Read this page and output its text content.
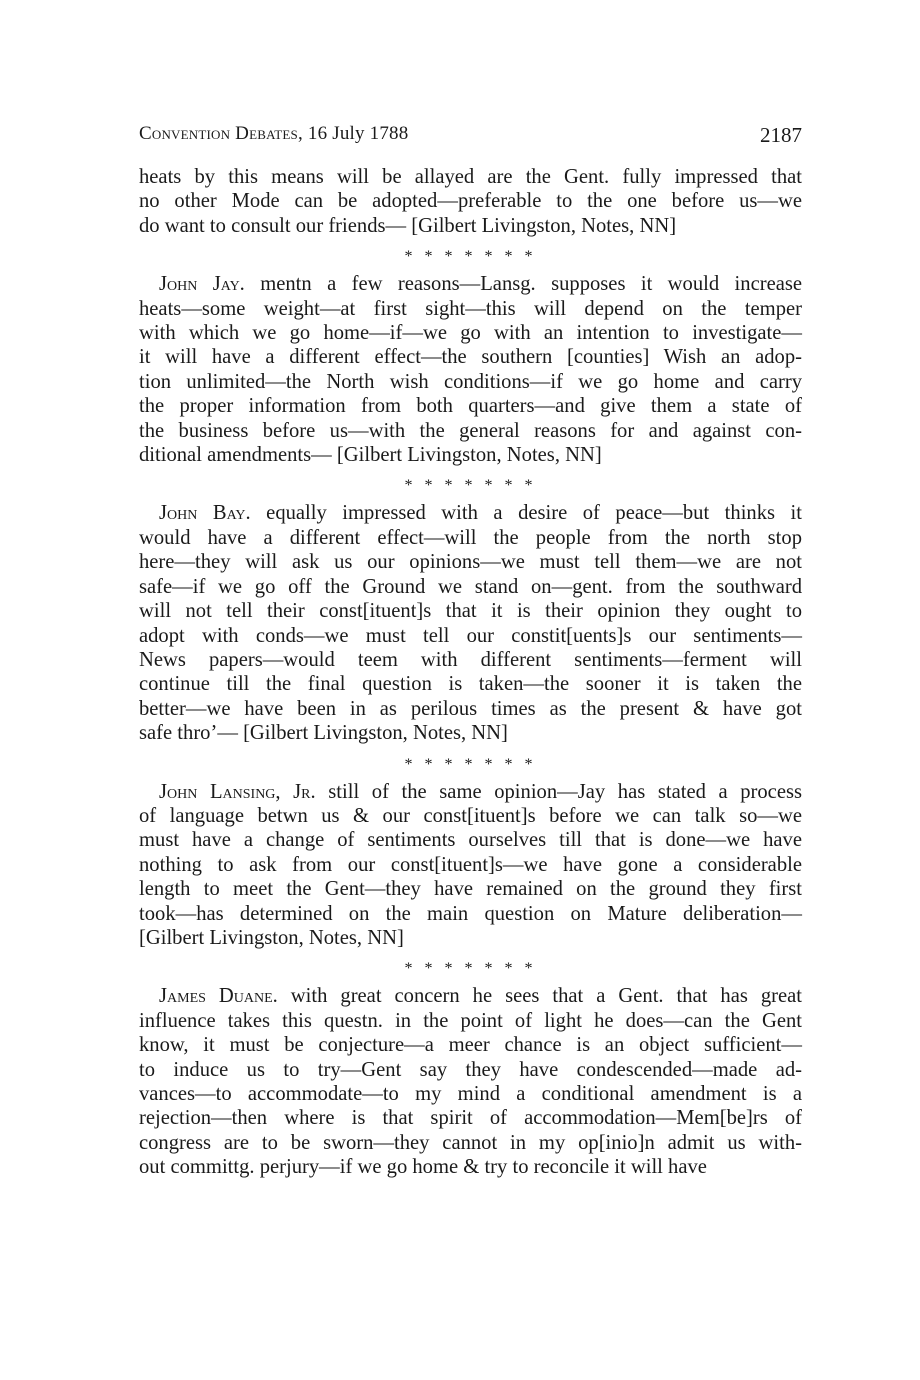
Convention Debates, 16 July 1788	2187

heats by this means will be allayed are the Gent. fully impressed that
no other Mode can be adopted—preferable to the one before us—we
do want to consult our friends— [Gilbert Livingston, Notes, NN]

* * * * * * *

John Jay. mentn a few reasons—Lansg. supposes it would increase
heats—some weight—at first sight—this will depend on the temper
with which we go home—if—we go with an intention to investigate—
it will have a different effect—the southern [counties] Wish an adop-
tion unlimited—the North wish conditions—if we go home and carry
the proper information from both quarters—and give them a state of
the business before us—with the general reasons for and against con-
ditional amendments— [Gilbert Livingston, Notes, NN]

* * * * * * *

John Bay. equally impressed with a desire of peace—but thinks it
would have a different effect—will the people from the north stop
here—they will ask us our opinions—we must tell them—we are not
safe—if we go off the Ground we stand on—gent. from the southward
will not tell their const[ituent]s that it is their opinion they ought to
adopt with conds—we must tell our constit[uents]s our sentiments—
News papers—would teem with different sentiments—ferment will
continue till the final question is taken—the sooner it is taken the
better—we have been in as perilous times as the present & have got
safe thro’— [Gilbert Livingston, Notes, NN]

* * * * * * *

John Lansing, Jr. still of the same opinion—Jay has stated a process
of language betwn us & our const[ituent]s before we can talk so—we
must have a change of sentiments ourselves till that is done—we have
nothing to ask from our const[ituent]s—we have gone a considerable
length to meet the Gent—they have remained on the ground they first
took—has determined on the main question on Mature deliberation—
[Gilbert Livingston, Notes, NN]

* * * * * * *

James Duane. with great concern he sees that a Gent. that has great
influence takes this questn. in the point of light he does—can the Gent
know, it must be conjecture—a meer chance is an object sufficient—
to induce us to try—Gent say they have condescended—made ad-
vances—to accommodate—to my mind a conditional amendment is a
rejection—then where is that spirit of accommodation—Mem[be]rs of
congress are to be sworn—they cannot in my op[inio]n admit us with-
out committg. perjury—if we go home & try to reconcile it will have
